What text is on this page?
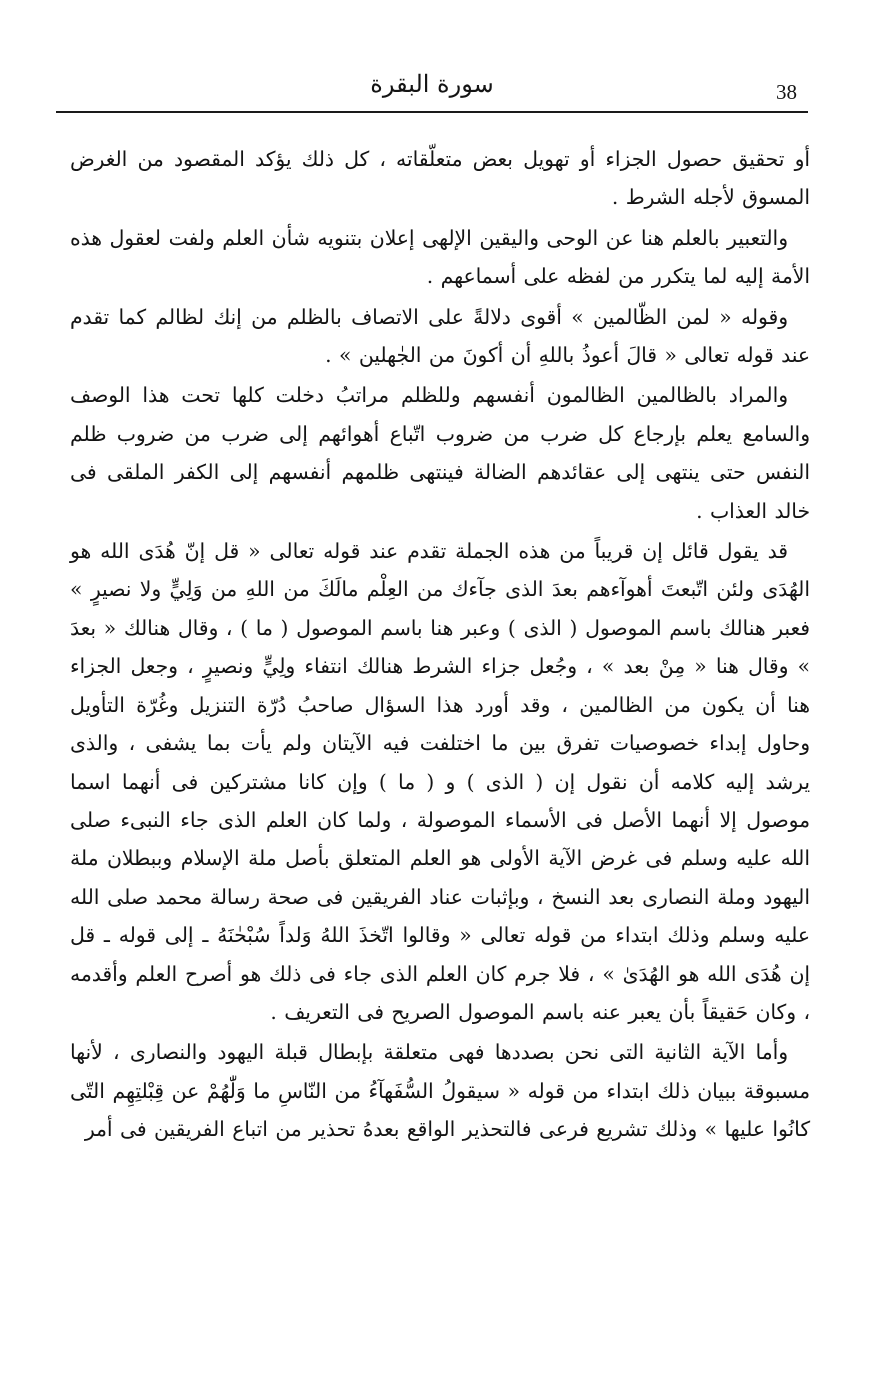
38
سورة البقرة

أو تحقيق حصول الجزاء أو تهويل بعض متعلّقاته ، كل ذلك يؤكد المقصود من الغرض المسوق لأجله الشرط .

والتعبير بالعلم هنا عن الوحى واليقين الإلهى إعلان بتنويه شأن العلم ولفت لعقول هذه الأمة إليه لما يتكرر من لفظه على أسماعهم .

وقوله « لمن الظّالمين » أقوى دلالةً على الاتصاف بالظلم من إنك لظالم كما تقدم عند قوله تعالى « قالَ أعوذُ باللهِ أن أكونَ من الجٰهلين » .

والمراد بالظالمين الظالمون أنفسهم وللظلم مراتبُ دخلت كلها تحت هذا الوصف والسامع يعلم بإرجاع كل ضرب من ضروب اتّباع أهوائهم إلى ضرب من ضروب ظلم النفس حتى ينتهى إلى عقائدهم الضالة فينتهى ظلمهم أنفسهم إلى الكفر الملقى فى خالد العذاب .

قد يقول قائل إن قريباً من هذه الجملة تقدم عند قوله تعالى « قل إنّ هُدَى الله هو الهُدَى ولئن اتّبعتَ أهوآءهم بعدَ الذى جآءك من العِلْم مالَكَ من اللهِ من وَلِيٍّ ولا نصيرٍ » فعبر هنالك باسم الموصول ( الذى ) وعبر هنا باسم الموصول ( ما ) ، وقال هنالك « بعدَ » وقال هنا « مِنْ بعد » ، وجُعل جزاء الشرط هنالك انتفاء ولِيٍّ ونصيرٍ ، وجعل الجزاء هنا أن يكون من الظالمين ، وقد أورد هذا السؤال صاحبُ دُرّة التنزيل وغُرّة التأويل وحاول إبداء خصوصيات تفرق بين ما اختلفت فيه الآيتان ولم يأت بما يشفى ، والذى يرشد إليه كلامه أن نقول إن ( الذى ) و ( ما ) وإن كانا مشتركين فى أنهما اسما موصول إلا أنهما الأصل فى الأسماء الموصولة ، ولما كان العلم الذى جاء النبىء صلى الله عليه وسلم فى غرض الآية الأولى هو العلم المتعلق بأصل ملة الإسلام وببطلان ملة اليهود وملة النصارى بعد النسخ ، وبإثبات عناد الفريقين فى صحة رسالة محمد صلى الله عليه وسلم وذلك ابتداء من قوله تعالى « وقالوا اتّخذَ اللهُ وَلداً سُبْحٰنَهُ ـ إلى قوله ـ قل إن هُدَى الله هو الهُدَىٰ » ، فلا جرم كان العلم الذى جاء فى ذلك هو أصرح العلم وأقدمه ، وكان حَقيقاً بأن يعبر عنه باسم الموصول الصريح فى التعريف .

وأما الآية الثانية التى نحن بصددها فهى متعلقة بإبطال قبلة اليهود والنصارى ، لأنها مسبوقة ببيان ذلك ابتداء من قوله « سيقولُ السُّفَهآءُ من النّاسِ ما وَلّٰهُمْ عن قِبْلتِهِم التّى كانُوا عليها » وذلك تشريع فرعى فالتحذير الواقع بعدهُ تحذير من اتباع الفريقين فى أمر
